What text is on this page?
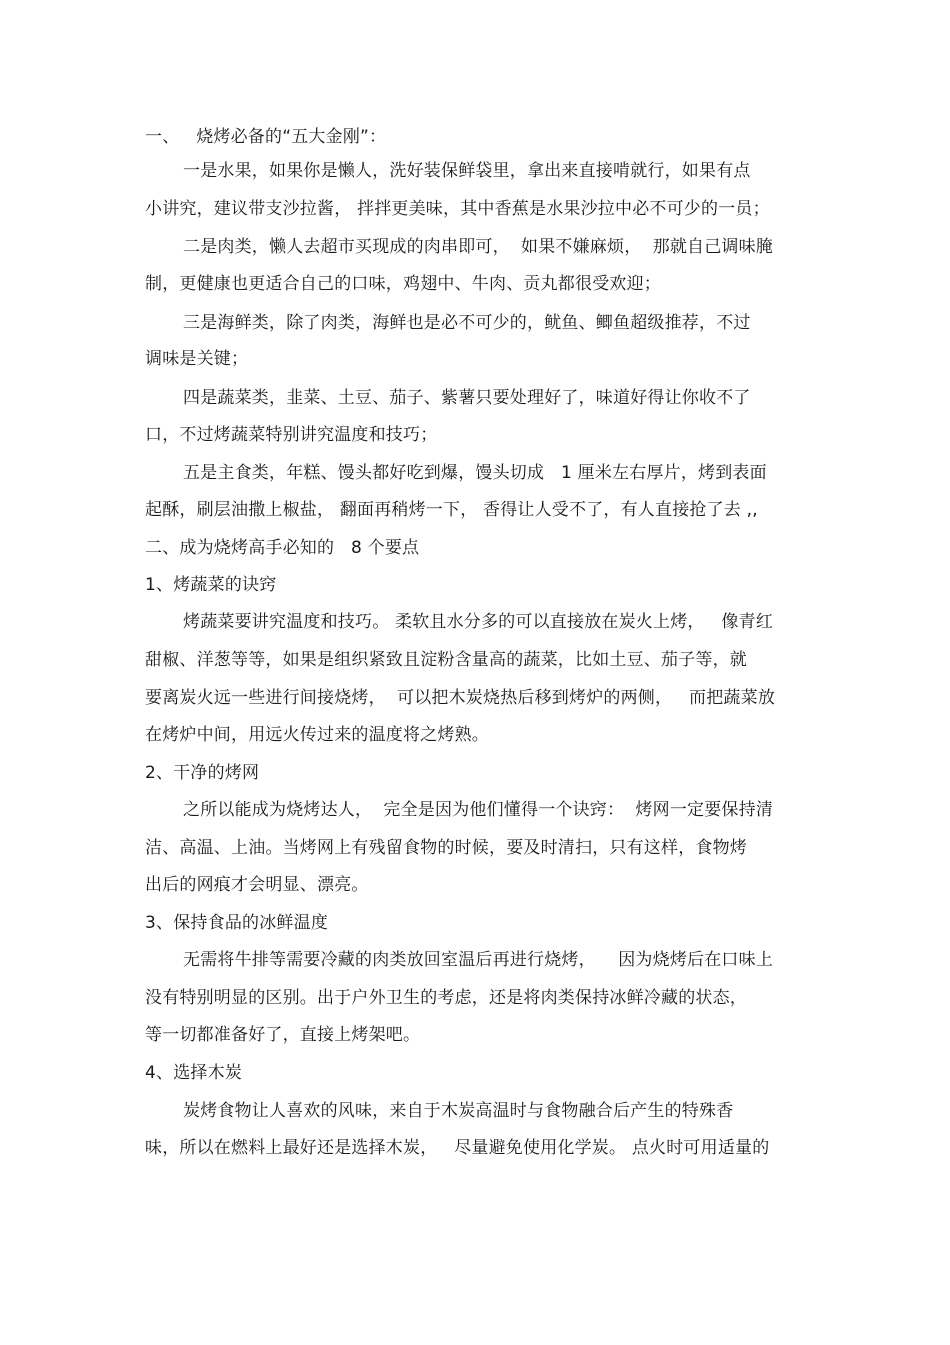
一、   烧烤必备的“五大金刚”：
一是水果，如果你是懒人，洗好装保鲜袋里，拿出来直接啃就行，如果有点
小讲究，建议带支沙拉酱， 拌拌更美味，其中香蕉是水果沙拉中必不可少的一员；
二是肉类，懒人去超市买现成的肉串即可，  如果不嫌麻烦，  那就自己调味腌
制，更健康也更适合自己的口味，鸡翅中、牛肉、贡丸都很受欢迎；
三是海鲜类，除了肉类，海鲜也是必不可少的，鱿鱼、鲫鱼超级推荐，不过
调味是关键；
四是蔬菜类，韭菜、土豆、茄子、紫薯只要处理好了，味道好得让你收不了
口，不过烤蔬菜特别讲究温度和技巧；
五是主食类，年糕、馒头都好吃到爆，馒头切成   1 厘米左右厚片，烤到表面
起酥，刷层油撒上椒盐， 翻面再稍烤一下， 香得让人受不了，有人直接抢了去 ,,
二、成为烧烤高手必知的   8 个要点
1、烤蔬菜的诀窍
烤蔬菜要讲究温度和技巧。 柔软且水分多的可以直接放在炭火上烤，   像青红
甜椒、洋葱等等，如果是组织紧致且淀粉含量高的蔬菜，比如土豆、茄子等，就
要离炭火远一些进行间接烧烤，  可以把木炭烧热后移到烤炉的两侧，   而把蔬菜放
在烤炉中间，用远火传过来的温度将之烤熟。
2、干净的烤网
之所以能成为烧烤达人，  完全是因为他们懂得一个诀窍：  烤网一定要保持清
洁、高温、上油。当烤网上有残留食物的时候，要及时清扫，只有这样，食物烤
出后的网痕才会明显、漂亮。
3、保持食品的冰鲜温度
无需将牛排等需要冷藏的肉类放回室温后再进行烧烤，    因为烧烤后在口味上
没有特别明显的区别。出于户外卫生的考虑，还是将肉类保持冰鲜冷藏的状态，
等一切都准备好了，直接上烤架吧。
4、选择木炭
炭烤食物让人喜欢的风味，来自于木炭高温时与食物融合后产生的特殊香
味，所以在燃料上最好还是选择木炭，   尽量避免使用化学炭。 点火时可用适量的
